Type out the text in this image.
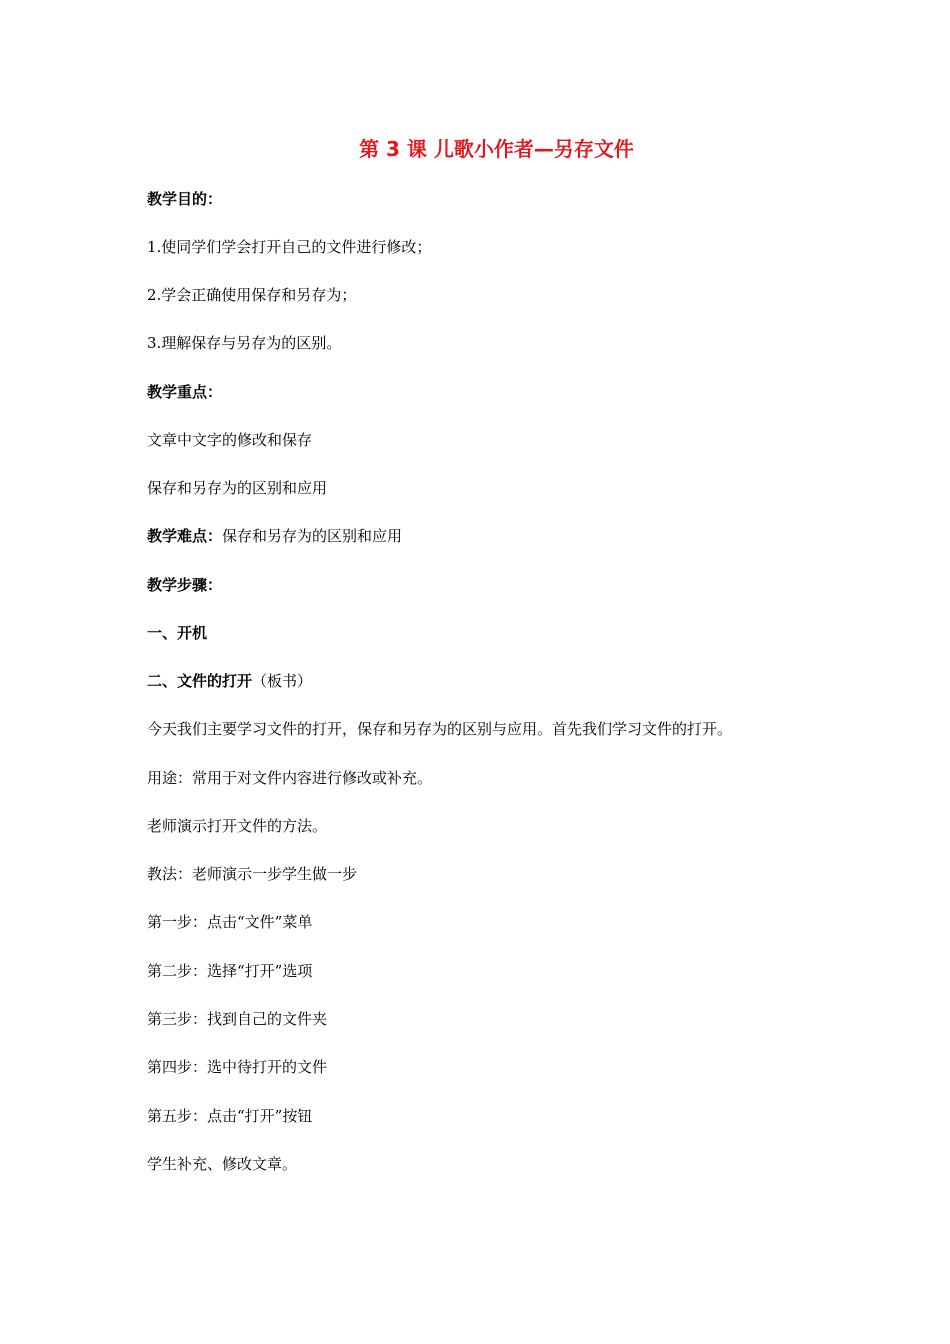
第 3 课 儿歌小作者—另存文件
教学目的：
1.使同学们学会打开自己的文件进行修改；
2.学会正确使用保存和另存为；
3.理解保存与另存为的区别。
教学重点：
文章中文字的修改和保存
保存和另存为的区别和应用
教学难点：保存和另存为的区别和应用
教学步骤：
一、开机
二、文件的打开（板书）
今天我们主要学习文件的打开，保存和另存为的区别与应用。首先我们学习文件的打开。
用途：常用于对文件内容进行修改或补充。
老师演示打开文件的方法。
教法：老师演示一步学生做一步
第一步：点击“文件”菜单
第二步：选择“打开”选项
第三步：找到自己的文件夹
第四步：选中待打开的文件
第五步：点击“打开”按钮
学生补充、修改文章。
